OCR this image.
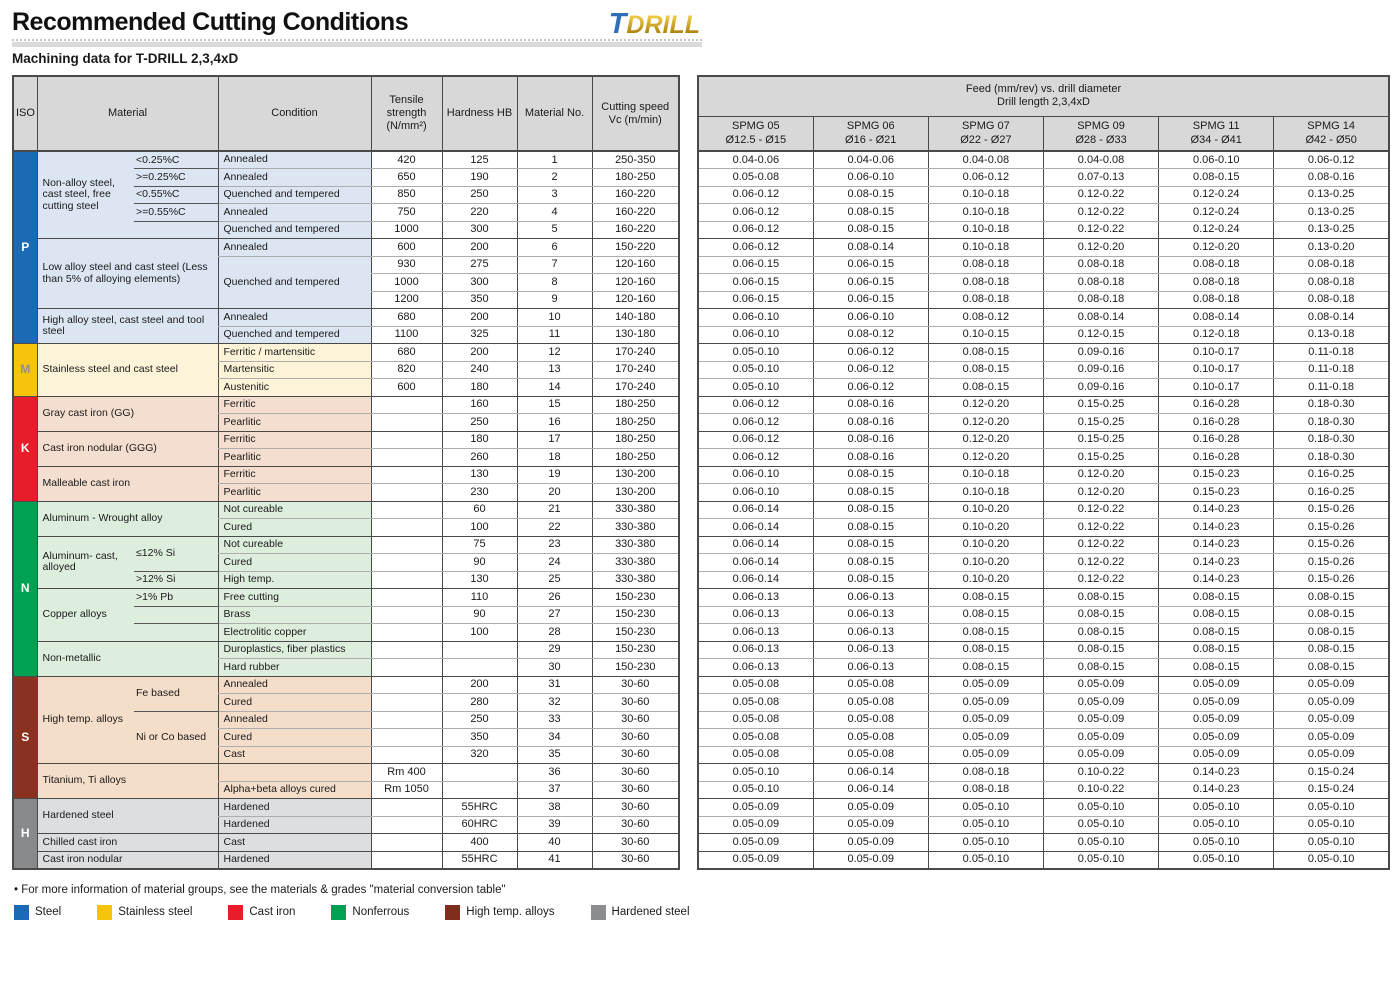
Recommended Cutting Conditions	TDRILL
Machining data for T-DRILL 2,3,4xD
ISO	Material		Condition	Tensile strength (N/mm²)	Hardness HB	Material No.	Cutting speed Vc (m/min)
P	Non-alloy steel, cast steel, free cutting steel	<0.25%C	Annealed	420	125	1	250-350
		>=0.25%C	Annealed	650	190	2	180-250
		<0.55%C	Quenched and tempered	850	250	3	160-220
		>=0.55%C	Annealed	750	220	4	160-220
			Quenched and tempered	1000	300	5	160-220
	Low alloy steel and cast steel (Less than 5% of alloying elements)		Annealed	600	200	6	150-220
			Quenched and tempered	930	275	7	120-160
				1000	300	8	120-160
				1200	350	9	120-160
	High alloy steel, cast steel and tool steel		Annealed	680	200	10	140-180
			Quenched and tempered	1100	325	11	130-180
M	Stainless steel and cast steel		Ferritic / martensitic	680	200	12	170-240
			Martensitic	820	240	13	170-240
			Austenitic	600	180	14	170-240
K	Gray cast iron (GG)		Ferritic		160	15	180-250
			Pearlitic		250	16	180-250
	Cast iron nodular (GGG)		Ferritic		180	17	180-250
			Pearlitic		260	18	180-250
	Malleable cast iron		Ferritic		130	19	130-200
			Pearlitic		230	20	130-200
N	Aluminum - Wrought alloy		Not cureable		60	21	330-380
			Cured		100	22	330-380
	Aluminum- cast, alloyed	≤12% Si	Not cureable		75	23	330-380
			Cured		90	24	330-380
		>12% Si	High temp.		130	25	330-380
	Copper alloys	>1% Pb	Free cutting		110	26	150-230
			Brass		90	27	150-230
			Electrolitic copper		100	28	150-230
	Non-metallic		Duroplastics, fiber plastics			29	150-230
			Hard rubber			30	150-230
S	High temp. alloys	Fe based	Annealed		200	31	30-60
			Cured		280	32	30-60
		Ni or Co based	Annealed		250	33	30-60
			Cured		350	34	30-60
			Cast		320	35	30-60
	Titanium, Ti alloys			Rm 400		36	30-60
			Alpha+beta alloys cured	Rm 1050		37	30-60
H	Hardened steel		Hardened		55HRC	38	30-60
			Hardened		60HRC	39	30-60
	Chilled cast iron		Cast		400	40	30-60
	Cast iron nodular		Hardened		55HRC	41	30-60
Feed (mm/rev) vs. drill diameter
Drill length 2,3,4xD					

SPMG 05
Ø12.5 - Ø15

SPMG 06
Ø16 - Ø21

SPMG 07
Ø22 - Ø27

SPMG 09
Ø28 - Ø33

SPMG 11
Ø34 - Ø41

SPMG 14
Ø42 - Ø50

0.04-0.06	0.04-0.06	0.04-0.08	0.04-0.08	0.06-0.10	0.06-0.12
0.05-0.08	0.06-0.10	0.06-0.12	0.07-0.13	0.08-0.15	0.08-0.16
0.06-0.12	0.08-0.15	0.10-0.18	0.12-0.22	0.12-0.24	0.13-0.25
0.06-0.12	0.08-0.15	0.10-0.18	0.12-0.22	0.12-0.24	0.13-0.25
0.06-0.12	0.08-0.15	0.10-0.18	0.12-0.22	0.12-0.24	0.13-0.25
0.06-0.12	0.08-0.14	0.10-0.18	0.12-0.20	0.12-0.20	0.13-0.20
0.06-0.15	0.06-0.15	0.08-0.18	0.08-0.18	0.08-0.18	0.08-0.18
0.06-0.15	0.06-0.15	0.08-0.18	0.08-0.18	0.08-0.18	0.08-0.18
0.06-0.15	0.06-0.15	0.08-0.18	0.08-0.18	0.08-0.18	0.08-0.18
0.06-0.10	0.06-0.10	0.08-0.12	0.08-0.14	0.08-0.14	0.08-0.14
0.06-0.10	0.08-0.12	0.10-0.15	0.12-0.15	0.12-0.18	0.13-0.18
0.05-0.10	0.06-0.12	0.08-0.15	0.09-0.16	0.10-0.17	0.11-0.18
0.05-0.10	0.06-0.12	0.08-0.15	0.09-0.16	0.10-0.17	0.11-0.18
0.05-0.10	0.06-0.12	0.08-0.15	0.09-0.16	0.10-0.17	0.11-0.18
0.06-0.12	0.08-0.16	0.12-0.20	0.15-0.25	0.16-0.28	0.18-0.30
0.06-0.12	0.08-0.16	0.12-0.20	0.15-0.25	0.16-0.28	0.18-0.30
0.06-0.12	0.08-0.16	0.12-0.20	0.15-0.25	0.16-0.28	0.18-0.30
0.06-0.12	0.08-0.16	0.12-0.20	0.15-0.25	0.16-0.28	0.18-0.30
0.06-0.10	0.08-0.15	0.10-0.18	0.12-0.20	0.15-0.23	0.16-0.25
0.06-0.10	0.08-0.15	0.10-0.18	0.12-0.20	0.15-0.23	0.16-0.25
0.06-0.14	0.08-0.15	0.10-0.20	0.12-0.22	0.14-0.23	0.15-0.26
0.06-0.14	0.08-0.15	0.10-0.20	0.12-0.22	0.14-0.23	0.15-0.26
0.06-0.14	0.08-0.15	0.10-0.20	0.12-0.22	0.14-0.23	0.15-0.26
0.06-0.14	0.08-0.15	0.10-0.20	0.12-0.22	0.14-0.23	0.15-0.26
0.06-0.14	0.08-0.15	0.10-0.20	0.12-0.22	0.14-0.23	0.15-0.26
0.06-0.13	0.06-0.13	0.08-0.15	0.08-0.15	0.08-0.15	0.08-0.15
0.06-0.13	0.06-0.13	0.08-0.15	0.08-0.15	0.08-0.15	0.08-0.15
0.06-0.13	0.06-0.13	0.08-0.15	0.08-0.15	0.08-0.15	0.08-0.15
0.06-0.13	0.06-0.13	0.08-0.15	0.08-0.15	0.08-0.15	0.08-0.15
0.06-0.13	0.06-0.13	0.08-0.15	0.08-0.15	0.08-0.15	0.08-0.15
0.05-0.08	0.05-0.08	0.05-0.09	0.05-0.09	0.05-0.09	0.05-0.09
0.05-0.08	0.05-0.08	0.05-0.09	0.05-0.09	0.05-0.09	0.05-0.09
0.05-0.08	0.05-0.08	0.05-0.09	0.05-0.09	0.05-0.09	0.05-0.09
0.05-0.08	0.05-0.08	0.05-0.09	0.05-0.09	0.05-0.09	0.05-0.09
0.05-0.08	0.05-0.08	0.05-0.09	0.05-0.09	0.05-0.09	0.05-0.09
0.05-0.10	0.06-0.14	0.08-0.18	0.10-0.22	0.14-0.23	0.15-0.24
0.05-0.10	0.06-0.14	0.08-0.18	0.10-0.22	0.14-0.23	0.15-0.24
0.05-0.09	0.05-0.09	0.05-0.10	0.05-0.10	0.05-0.10	0.05-0.10
0.05-0.09	0.05-0.09	0.05-0.10	0.05-0.10	0.05-0.10	0.05-0.10
0.05-0.09	0.05-0.09	0.05-0.10	0.05-0.10	0.05-0.10	0.05-0.10
0.05-0.09	0.05-0.09	0.05-0.10	0.05-0.10	0.05-0.10	0.05-0.10
• For more information of material groups, see the materials & grades "material conversion table"
Steel	Stainless steel	Cast iron	Nonferrous	High temp. alloys	Hardened steel
